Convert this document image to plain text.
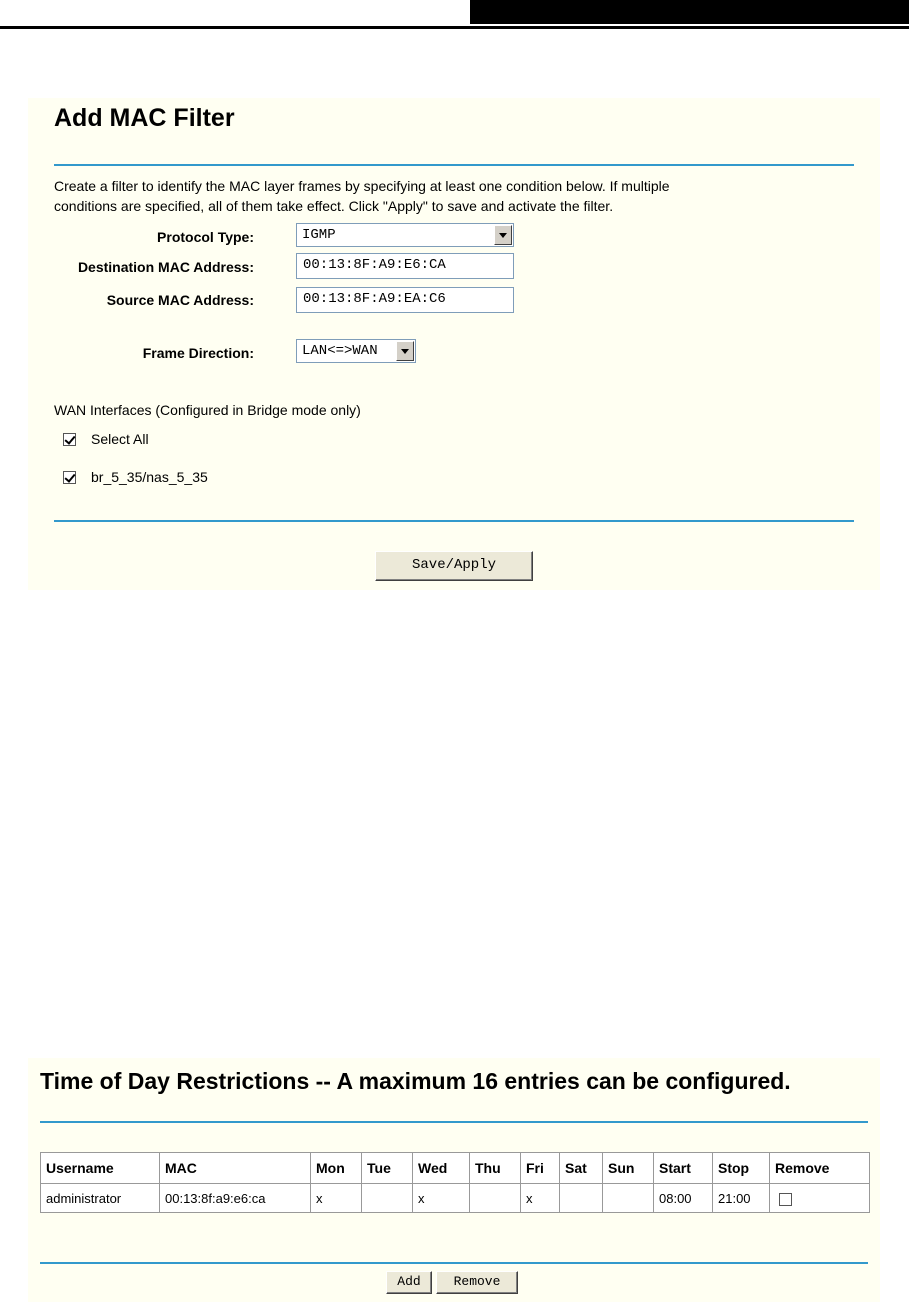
Add MAC Filter
Create a filter to identify the MAC layer frames by specifying at least one condition below. If multiple
conditions are specified, all of them take effect. Click "Apply" to save and activate the filter.
Protocol Type:	IGMP
Destination MAC Address:	00:13:8F:A9:E6:CA
Source MAC Address:	00:13:8F:A9:EA:C6
Frame Direction:	LAN<=>WAN
WAN Interfaces (Configured in Bridge mode only)
Select All
br_5_35/nas_5_35
Save/Apply
Time of Day Restrictions -- A maximum 16 entries can be configured.
Username	MAC	Mon	Tue	Wed	Thu	Fri	Sat	Sun	Start	Stop	Remove
administrator	00:13:8f:a9:e6:ca	x		x		x			08:00	21:00	
Add	Remove
